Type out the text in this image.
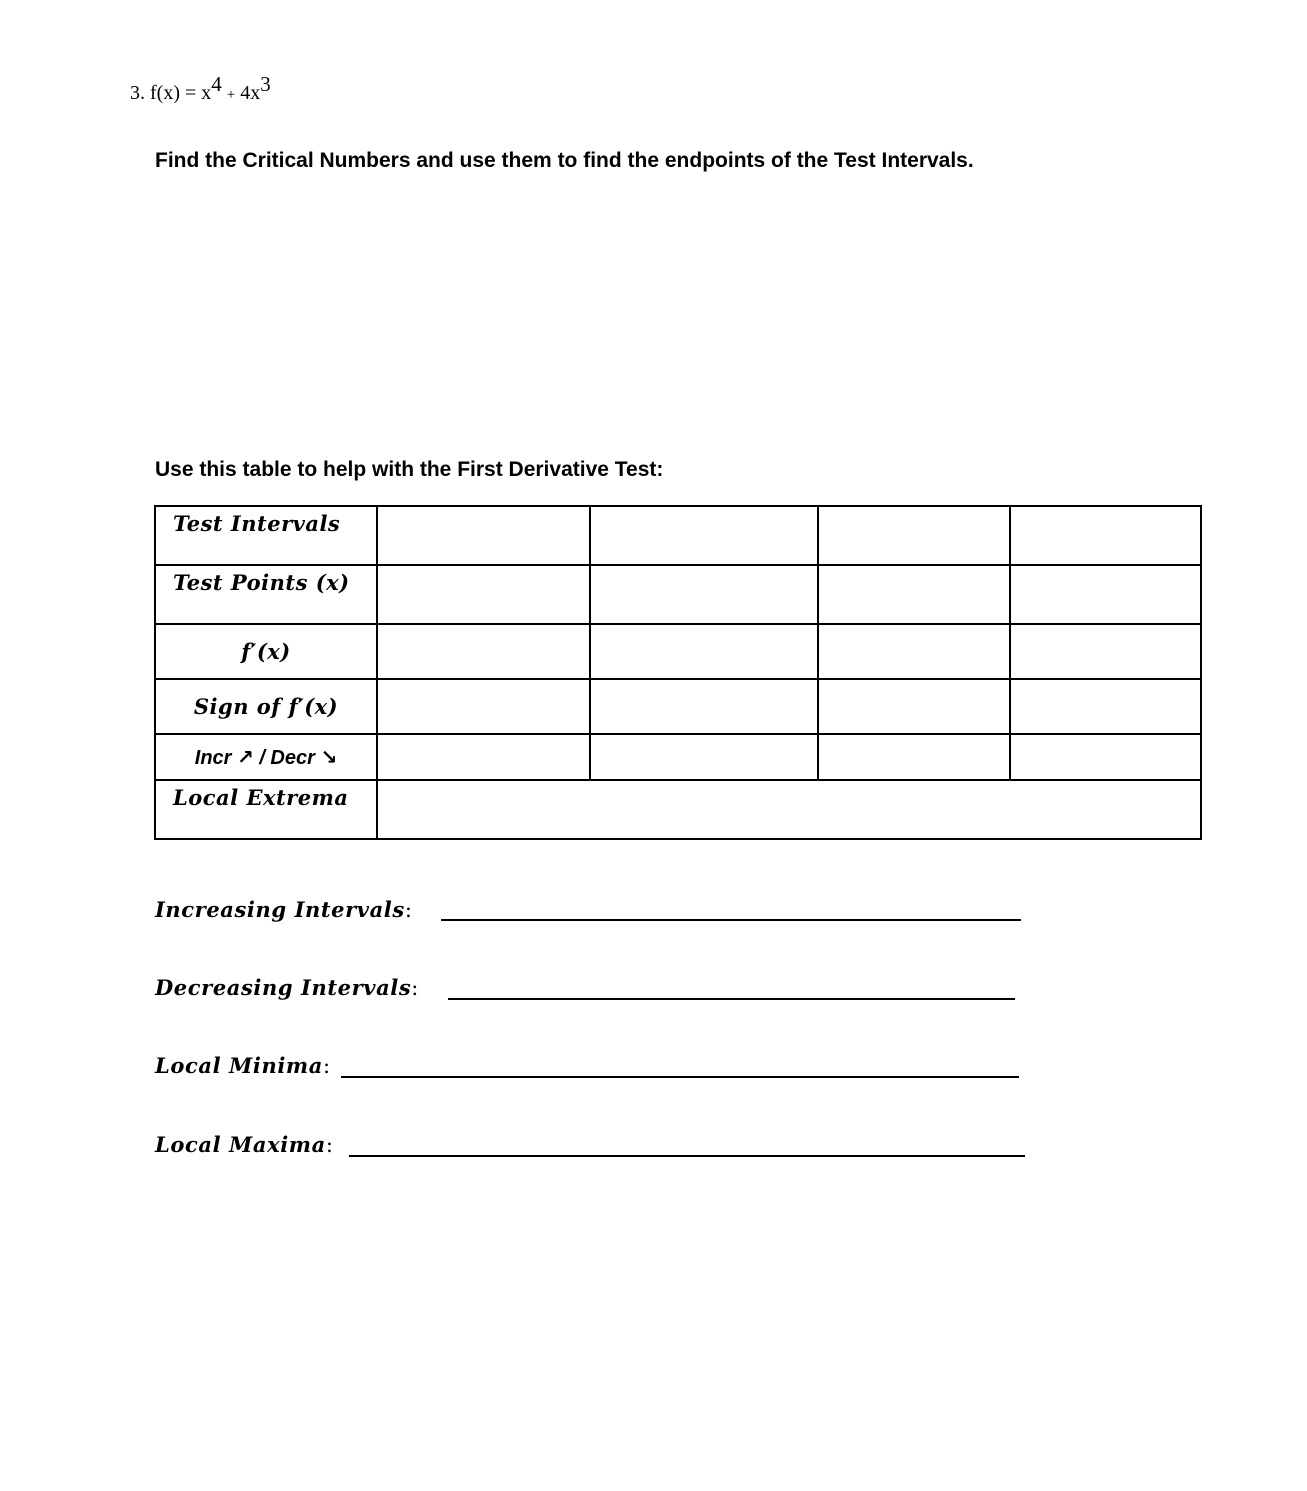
3. $f(x) = x^4 + 4x^3$
Find the Critical Numbers and use them to find the endpoints of the Test Intervals.
Use this table to help with the First Derivative Test:
Test Intervals				
Test Points (x)				
f′(x)				
Sign of f′(x)				
Incr ↗ / Decr ↘				
Local Extrema				
Increasing Intervals:
Decreasing Intervals:
Local Minima:
Local Maxima:
